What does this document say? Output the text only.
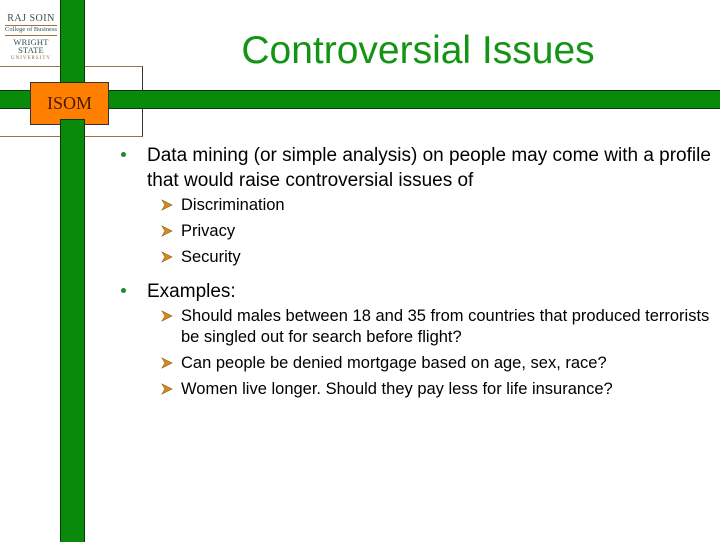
RAJ SOIN
College of Business
WRIGHT STATE
UNIVERSITY
ISOM
Controversial Issues
Data mining (or simple analysis) on people may come with a profile that would raise controversial issues of
Discrimination
Privacy
Security
Examples:
Should males between 18 and 35 from countries that produced terrorists be singled out for search before flight?
Can people be denied mortgage based on age, sex, race?
Women live longer. Should they pay less for life insurance?
